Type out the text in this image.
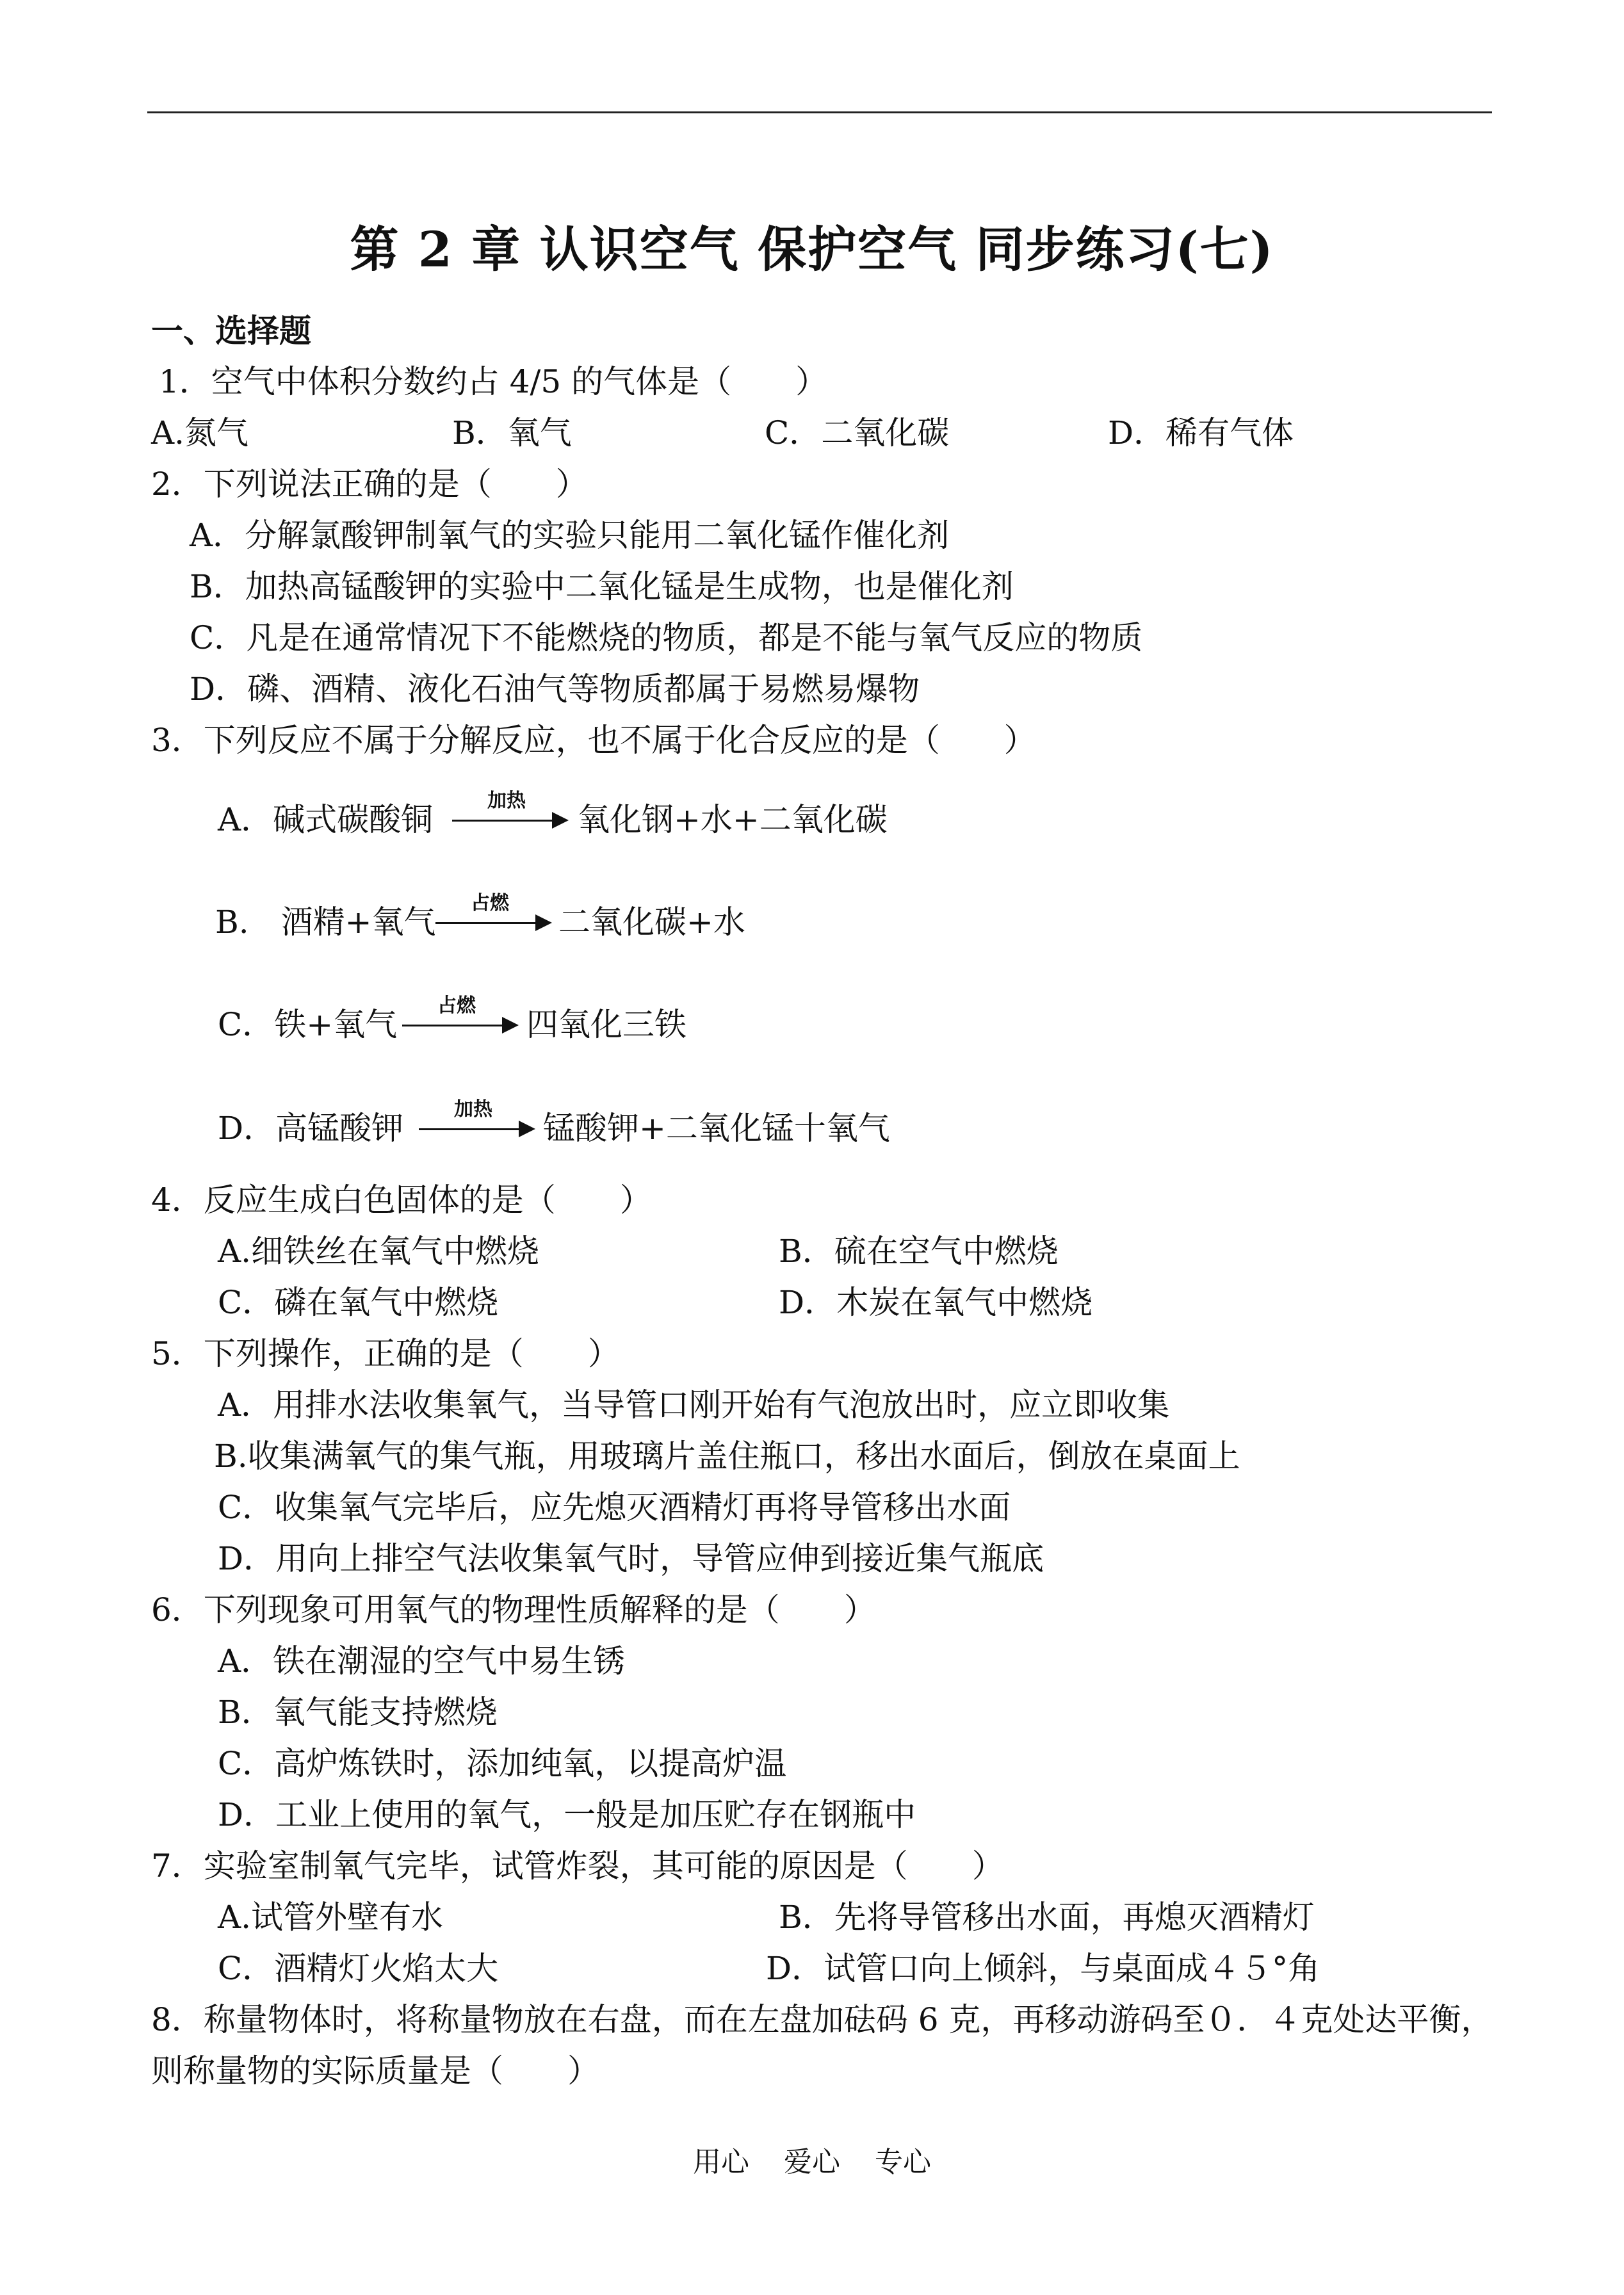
第 2 章 认识空气 保护空气 同步练习(七)
一、选择题
1．空气中体积分数约占 4/5 的气体是（　　）
A.氮气	B．氧气	C．二氧化碳	D．稀有气体
2．下列说法正确的是（　　）
A．分解氯酸钾制氧气的实验只能用二氧化锰作催化剂
B．加热高锰酸钾的实验中二氧化锰是生成物，也是催化剂
C．凡是在通常情况下不能燃烧的物质，都是不能与氧气反应的物质
D．磷、酒精、液化石油气等物质都属于易燃易爆物
3．下列反应不属于分解反应，也不属于化合反应的是（　　）
A．碱式碳酸铜
加热
氧化钢+水+二氧化碳
B.　酒精+氧气
占燃
二氧化碳+水
C．铁+氧气
占燃
四氧化三铁
D．高锰酸钾
加热
锰酸钾+二氧化锰十氧气
4．反应生成白色固体的是（　　）
A.细铁丝在氧气中燃烧	B．硫在空气中燃烧
C．磷在氧气中燃烧	D．木炭在氧气中燃烧
5．下列操作，正确的是（　　）
A．用排水法收集氧气，当导管口刚开始有气泡放出时，应立即收集
B.收集满氧气的集气瓶，用玻璃片盖住瓶口，移出水面后，倒放在桌面上
C．收集氧气完毕后，应先熄灭酒精灯再将导管移出水面
D．用向上排空气法收集氧气时，导管应伸到接近集气瓶底
6．下列现象可用氧气的物理性质解释的是（　　）
A．铁在潮湿的空气中易生锈
B．氧气能支持燃烧
C．高炉炼铁时，添加纯氧，以提高炉温
D．工业上使用的氧气，一般是加压贮存在钢瓶中
7．实验室制氧气完毕，试管炸裂，其可能的原因是（　　）
A.试管外壁有水	B．先将导管移出水面，再熄灭酒精灯
C．酒精灯火焰太大	D．试管口向上倾斜，与桌面成４５°角
8．称量物体时，将称量物放在右盘，而在左盘加砝码 6 克，再移动游码至０．４克处达平衡，
则称量物的实际质量是（　　）
用心 爱心 专心
